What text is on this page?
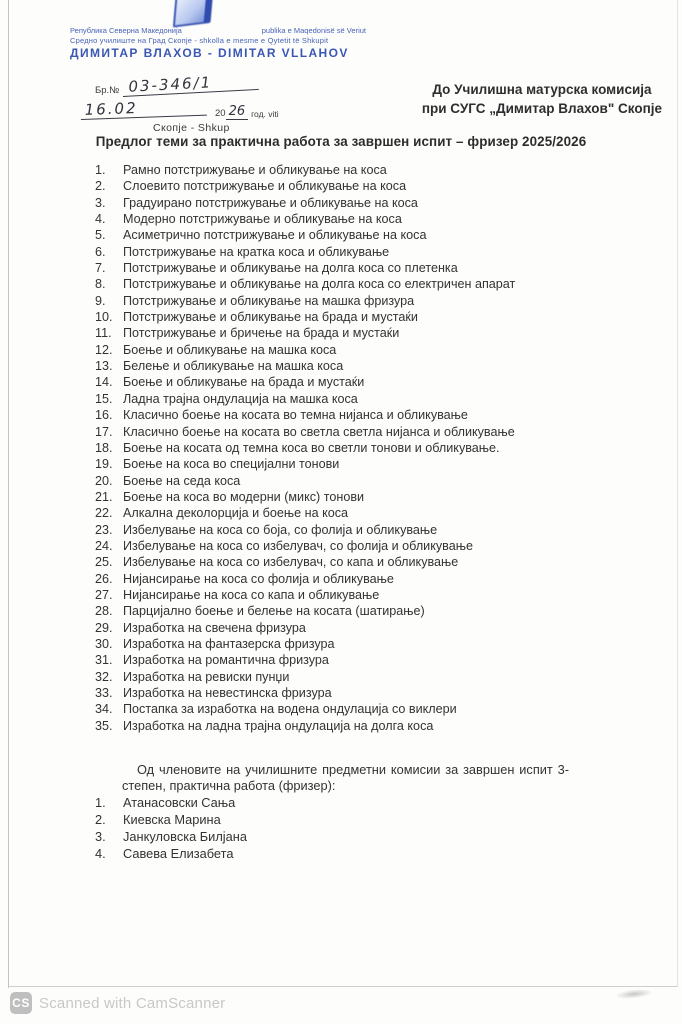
Република Северна Македонија	publika e Maqedonisë së Veriut
Средно училиште на Град Скопје - shkolla e mesme e Qytetit të Shkupit
ДИМИТАР ВЛАХОВ - DIMITAR VLLAHOV
Бр.№ 03-346/1
16.02	20 26 год. viti
Скопје - Shkup
До Училишна матурска комисија
при СУГС „Димитар Влахов" Скопје
Предлог теми за практична работа за завршен испит – фризер 2025/2026
1.	Рамно потстрижување и обликување на коса
2.	Слоевито потстрижување и обликување на коса
3.	Градуирано потстрижување и обликување на коса
4.	Модерно потстрижување и обликување на коса
5.	Асиметрично потстрижување и обликување на коса
6.	Потстрижување на кратка коса и обликување
7.	Потстрижување и обликување на долга коса со плетенка
8.	Потстрижување и обликување на долга коса со електричен апарат
9.	Потстрижување и обликување на машка фризура
10. Потстрижување и обликување на брада и мустаќи
11. Потстрижување и бричење на брада и мустаќи
12. Боење и обликување на машка коса
13. Белење и обликување на машка коса
14. Боење и обликување на брада и мустаќи
15. Ладна трајна ондулација на машка коса
16. Класично боење на косата во темна нијанса и обликување
17. Класично боење на косата во светла светла нијанса и обликување
18. Боење на косата од темна коса во светли тонови и обликување.
19. Боење на коса во специјални тонови
20. Боење на седа коса
21. Боење на коса во модерни (микс) тонови
22. Алкална деколорција и боење на коса
23. Избелување на коса со боја, со фолија и обликување
24. Избелување на коса со избелувач, со фолија и обликување
25. Избелување на коса со избелувач, со капа и обликување
26. Нијансирање на коса со фолија и обликување
27. Нијансирање на коса со капа и обликување
28. Парцијално боење и белење на косата (шатирање)
29. Изработка на свечена фризура
30. Изработка на фантазерска фризура
31. Изработка на романтична фризура
32. Изработка на ревиски пунџи
33. Изработка на невестинска фризура
34. Постапка за изработка на водена ондулација со виклери
35. Изработка на ладна трајна ондулација на долга коса

Од членовите на училишните предметни комисии за завршен испит 3-степен, практична работа (фризер):

1.	Атанасовски Сања
2.	Киевска Марина
3.	Јанкуловска Билјана
4.	Савева Елизабета
CS Scanned with CamScanner
